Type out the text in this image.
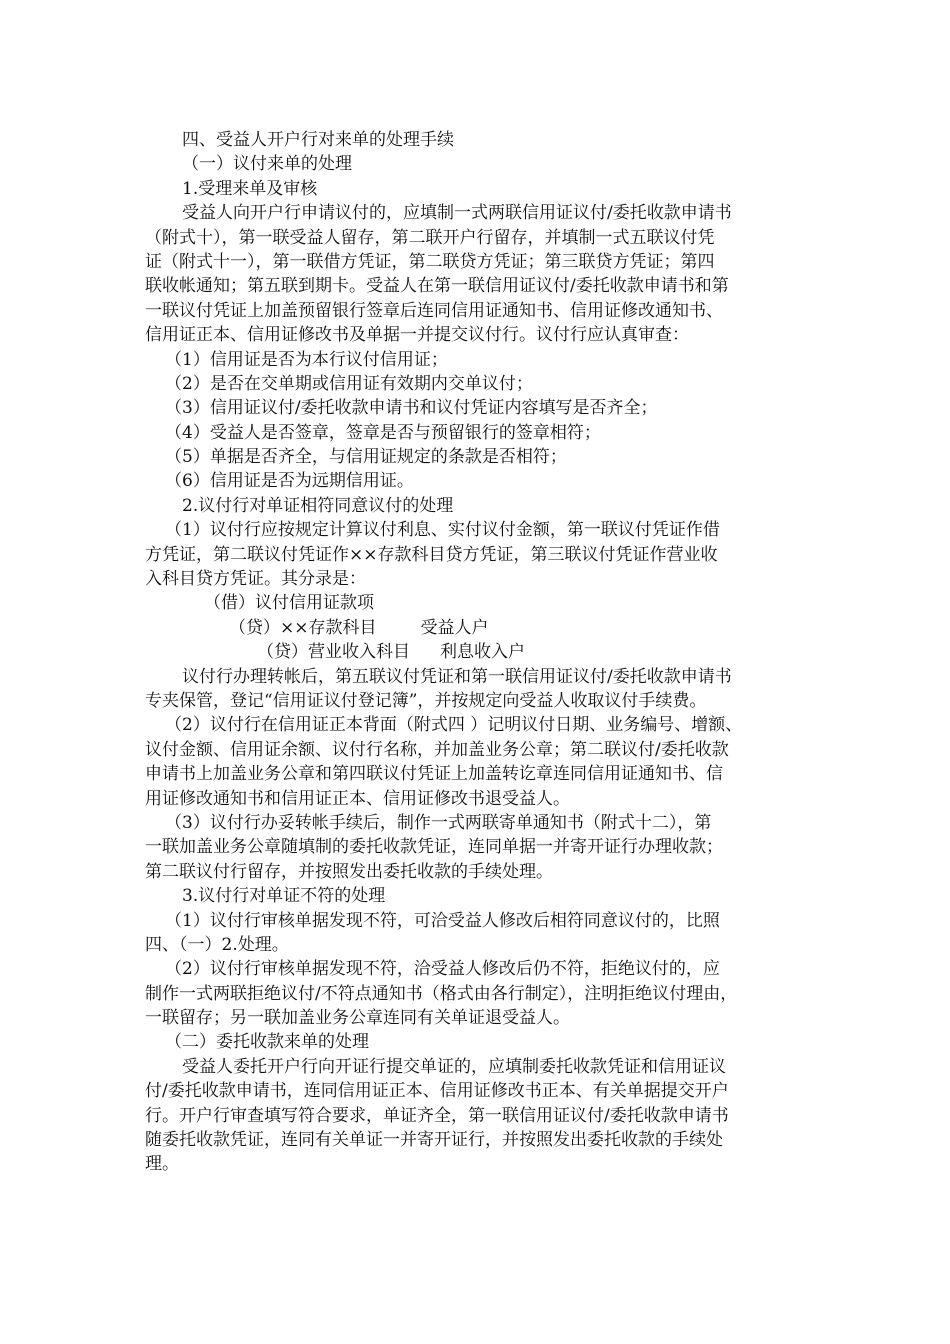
四、受益人开户行对来单的处理手续
（一）议付来单的处理
1.受理来单及审核
受益人向开户行申请议付的，应填制一式两联信用证议付/委托收款申请书
（附式十），第一联受益人留存，第二联开户行留存，并填制一式五联议付凭
证（附式十一），第一联借方凭证，第二联贷方凭证；第三联贷方凭证；第四
联收帐通知；第五联到期卡。受益人在第一联信用证议付/委托收款申请书和第
一联议付凭证上加盖预留银行签章后连同信用证通知书、信用证修改通知书、
信用证正本、信用证修改书及单据一并提交议付行。议付行应认真审查：
（1）信用证是否为本行议付信用证；
（2）是否在交单期或信用证有效期内交单议付；
（3）信用证议付/委托收款申请书和议付凭证内容填写是否齐全；
（4）受益人是否签章，签章是否与预留银行的签章相符；
（5）单据是否齐全，与信用证规定的条款是否相符；
（6）信用证是否为远期信用证。
2.议付行对单证相符同意议付的处理
（1）议付行应按规定计算议付利息、实付议付金额，第一联议付凭证作借
方凭证，第二联议付凭证作××存款科目贷方凭证，第三联议付凭证作营业收
入科目贷方凭证。其分录是：
（借）议付信用证款项
（贷）××存款科目	受益人户
（贷）营业收入科目 利息收入户
议付行办理转帐后，第五联议付凭证和第一联信用证议付/委托收款申请书
专夹保管，登记“信用证议付登记簿”，并按规定向受益人收取议付手续费。
（2）议付行在信用证正本背面（附式四 ）记明议付日期、业务编号、增额、
议付金额、信用证余额、议付行名称，并加盖业务公章；第二联议付/委托收款
申请书上加盖业务公章和第四联议付凭证上加盖转讫章连同信用证通知书、信
用证修改通知书和信用证正本、信用证修改书退受益人。
（3）议付行办妥转帐手续后，制作一式两联寄单通知书（附式十二），第
一联加盖业务公章随填制的委托收款凭证，连同单据一并寄开证行办理收款；
第二联议付行留存，并按照发出委托收款的手续处理。
3.议付行对单证不符的处理
（1）议付行审核单据发现不符，可洽受益人修改后相符同意议付的，比照
四、（一）2.处理。
（2）议付行审核单据发现不符，洽受益人修改后仍不符，拒绝议付的，应
制作一式两联拒绝议付/不符点通知书（格式由各行制定），注明拒绝议付理由，
一联留存；另一联加盖业务公章连同有关单证退受益人。
（二）委托收款来单的处理
受益人委托开户行向开证行提交单证的，应填制委托收款凭证和信用证议
付/委托收款申请书，连同信用证正本、信用证修改书正本、有关单据提交开户
行。开户行审查填写符合要求，单证齐全，第一联信用证议付/委托收款申请书
随委托收款凭证，连同有关单证一并寄开证行，并按照发出委托收款的手续处
理。
